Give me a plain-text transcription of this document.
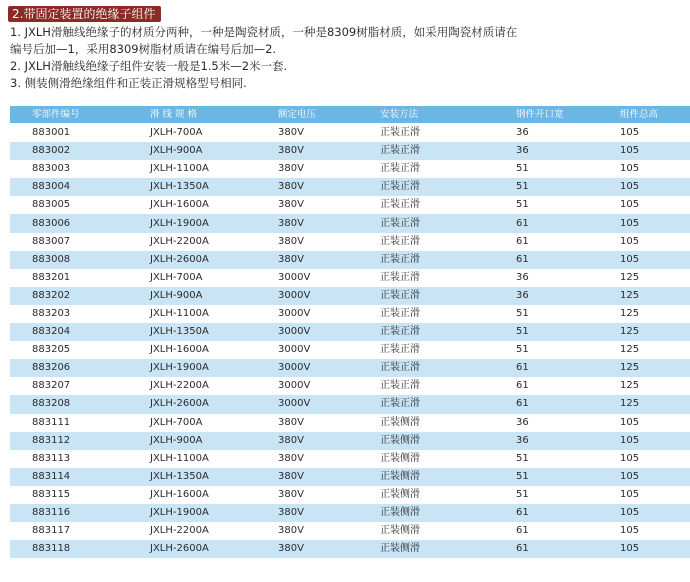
2.带固定装置的绝缘子组件
1. JXLH滑触线绝缘子的材质分两种，一种是陶瓷材质，一种是8309树脂材质，如采用陶瓷材质请在
编号后加—1，采用8309树脂材质请在编号后加—2.
2. JXLH滑触线绝缘子组件安装一般是1.5米—2米一套.
3. 侧装侧滑绝缘组件和正装正滑规格型号相同.
零部件编号	滑 线 规 格	额定电压	安装方法	钢件开口宽	组件总高
883001	JXLH-700A	380V	正装正滑	36	105
883002	JXLH-900A	380V	正装正滑	36	105
883003	JXLH-1100A	380V	正装正滑	51	105
883004	JXLH-1350A	380V	正装正滑	51	105
883005	JXLH-1600A	380V	正装正滑	51	105
883006	JXLH-1900A	380V	正装正滑	61	105
883007	JXLH-2200A	380V	正装正滑	61	105
883008	JXLH-2600A	380V	正装正滑	61	105
883201	JXLH-700A	3000V	正装正滑	36	125
883202	JXLH-900A	3000V	正装正滑	36	125
883203	JXLH-1100A	3000V	正装正滑	51	125
883204	JXLH-1350A	3000V	正装正滑	51	125
883205	JXLH-1600A	3000V	正装正滑	51	125
883206	JXLH-1900A	3000V	正装正滑	61	125
883207	JXLH-2200A	3000V	正装正滑	61	125
883208	JXLH-2600A	3000V	正装正滑	61	125
883111	JXLH-700A	380V	正装侧滑	36	105
883112	JXLH-900A	380V	正装侧滑	36	105
883113	JXLH-1100A	380V	正装侧滑	51	105
883114	JXLH-1350A	380V	正装侧滑	51	105
883115	JXLH-1600A	380V	正装侧滑	51	105
883116	JXLH-1900A	380V	正装侧滑	61	105
883117	JXLH-2200A	380V	正装侧滑	61	105
883118	JXLH-2600A	380V	正装侧滑	61	105
